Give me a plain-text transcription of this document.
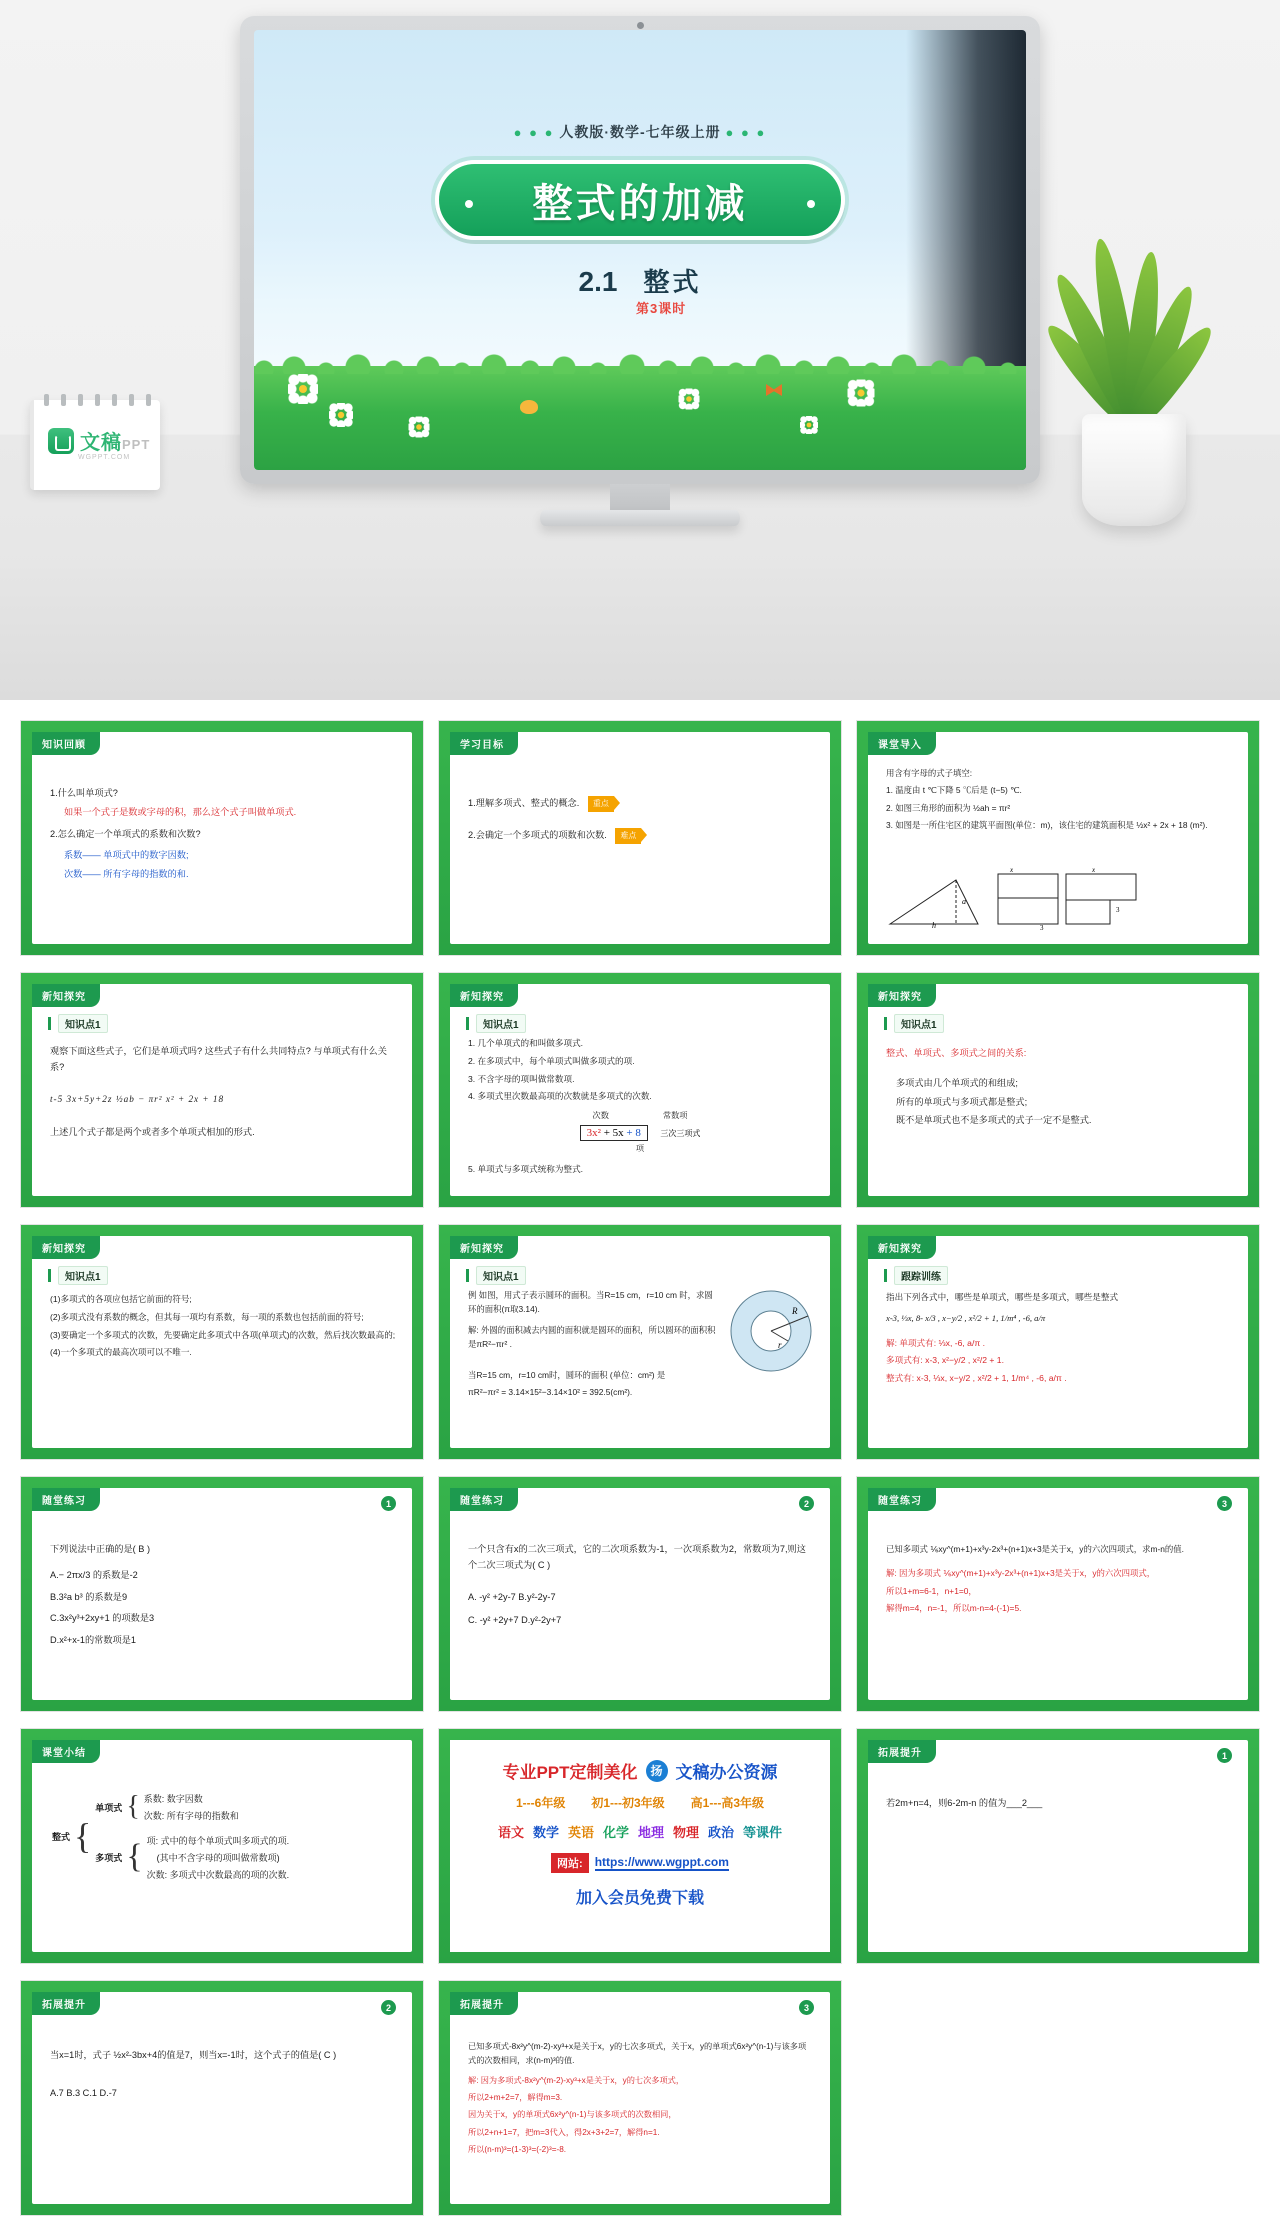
● ● ● 人教版·数学-七年级上册 ● ● ●
整式的加减
2.1 整式
第3课时
文稿PPT
WGPPT.COM
知识回顾

1.什么叫单项式?

如果一个式子是数或字母的积，那么这个式子叫做单项式.

2.怎么确定一个单项式的系数和次数?

系数—— 单项式中的数字因数;

次数—— 所有字母的指数的和.

学习目标

1.理解多项式、整式的概念. 重点

2.会确定一个多项式的项数和次数. 难点

课堂导入

用含有字母的式子填空:

1. 温度由 t ℃下降 5 ℃后是 (t−5) ℃.

2. 如图三角形的面积为 ½ah = πr²

3. 如图是一所住宅区的建筑平面图(单位：m)，该住宅的建筑面积是 ½x² + 2x + 18 (m²).

a
h
x	x
3
3
新知探究
知识点1

观察下面这些式子，它们是单项式吗? 这些式子有什么共同特点? 与单项式有什么关系?

t-5 3x+5y+2z ½ab − πr² x² + 2x + 18

上述几个式子都是两个或者多个单项式相加的形式.

新知探究
知识点1

1. 几个单项式的和叫做多项式.

2. 在多项式中，每个单项式叫做多项式的项.

3. 不含字母的项叫做常数项.

4. 多项式里次数最高项的次数就是多项式的次数.

次数	常数项
3x² + 5x + 8 三次三项式
项

5. 单项式与多项式统称为整式.

新知探究
知识点1

整式、单项式、多项式之间的关系:

多项式由几个单项式的和组成;

所有的单项式与多项式都是整式;

既不是单项式也不是多项式的式子一定不是整式.

新知探究
知识点1

(1)多项式的各项应包括它前面的符号;

(2)多项式没有系数的概念，但其每一项均有系数，每一项的系数也包括前面的符号;

(3)要确定一个多项式的次数，先要确定此多项式中各项(单项式)的次数，然后找次数最高的;

(4)一个多项式的最高次项可以不唯一.

新知探究
知识点1

例 如图，用式子表示圆环的面积。当R=15 cm，r=10 cm 时，求圆环的面积(π取3.14).

解: 外圆的面积减去内圆的面积就是圆环的面积，所以圆环的面积积是πR²−πr² .

当R=15 cm，r=10 cm时，圆环的面积 (单位：cm²) 是

πR²−πr² = 3.14×15²−3.14×10² = 392.5(cm²).

R
r
新知探究
跟踪训练

指出下列各式中，哪些是单项式，哪些是多项式，哪些是整式

x-3, ⅓x, 8- x/3 , x−y/2 , x²/2 + 1, 1/m⁴ , -6, a/π

解: 单项式有: ⅓x, -6, a/π .

多项式有: x-3, x²−y/2 , x²/2 + 1.

整式有: x-3, ⅓x, x−y/2 , x²/2 + 1, 1/m⁴ , -6, a/π .

随堂练习	1

下列说法中正确的是( B )

A.− 2πx/3 的系数是-2

B.3²a b³ 的系数是9

C.3x²y³+2xy+1 的项数是3

D.x²+x-1的常数项是1

随堂练习	2

一个只含有x的二次三项式，它的二次项系数为-1，一次项系数为2，常数项为7,则这个二次三项式为( C )

A. -y² +2y-7 B.y²-2y-7

C. -y² +2y+7 D.y²-2y+7

随堂练习	3

已知多项式 ⅙xy^(m+1)+x³y-2x³+(n+1)x+3是关于x，y的六次四项式，求m-n的值.

解: 因为多项式 ⅙xy^(m+1)+x³y-2x³+(n+1)x+3是关于x，y的六次四项式，

所以1+m=6-1，n+1=0，

解得m=4，n=-1，所以m-n=4-(-1)=5.

课堂小结
整式 {
单项式 { 系数: 数字因数
次数: 所有字母的指数和
多项式 { 项: 式中的每个单项式叫多项式的项.
(其中不含字母的项叫做常数项)
次数: 多项式中次数最高的项的次数.
专业PPT定制美化	扬 文稿办公资源
1---6年级 初1---初3年级 高1---高3年级
语文 数学 英语 化学 地理 物理 政治 等课件
网站:	https://www.wgppt.com
加入会员免费下载
拓展提升	1

若2m+n=4，则6-2m-n 的值为___2___

拓展提升	2

当x=1时，式子 ½x²-3bx+4的值是7，则当x=-1时，这个式子的值是( C )

A.7 B.3 C.1 D.-7

拓展提升	3

已知多项式-8x²y^(m-2)-xy³+x是关于x，y的七次多项式，关于x，y的单项式6x²y^(n-1)与该多项式的次数相同，求(n-m)³的值.

解: 因为多项式-8x²y^(m-2)-xy³+x是关于x，y的七次多项式，

所以2+m+2=7，解得m=3.

因为关于x，y的单项式6x²y^(n-1)与该多项式的次数相同，

所以2+n+1=7，把m=3代入，得2x+3+2=7，解得n=1.

所以(n-m)³=(1-3)³=(-2)³=-8.
